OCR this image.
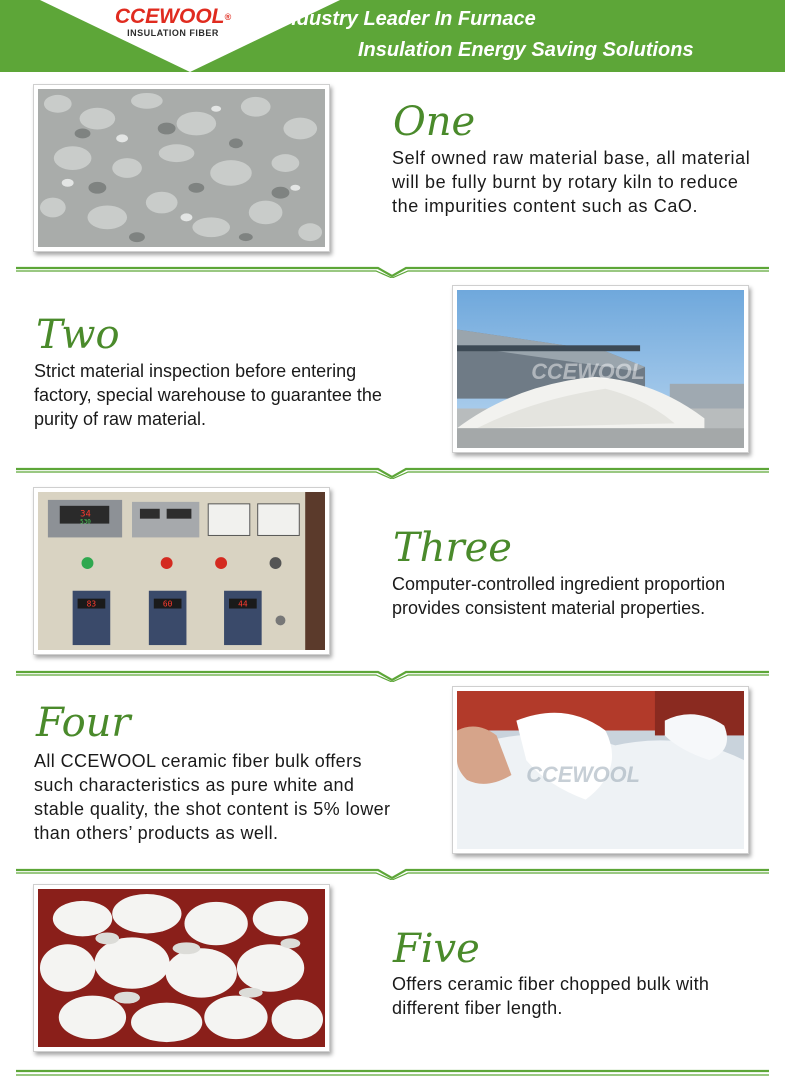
CCEWOOL®
INSULATION FIBER
Industry Leader In Furnace
Insulation Energy Saving Solutions
One
Self owned raw material base, all material will be fully burnt by rotary kiln to reduce the impurities content such as CaO.
CCEWOOL
Two
Strict material inspection before entering factory, special warehouse to guarantee the purity of raw material.
34
530
83	60	44
Three
Computer-controlled ingredient proportion provides consistent material properties.
CCEWOOL
Four
All CCEWOOL ceramic fiber bulk offers such characteristics as pure white and stable quality, the shot content is 5% lower than others’ products as well.
Five
Offers ceramic fiber chopped bulk with different fiber length.
